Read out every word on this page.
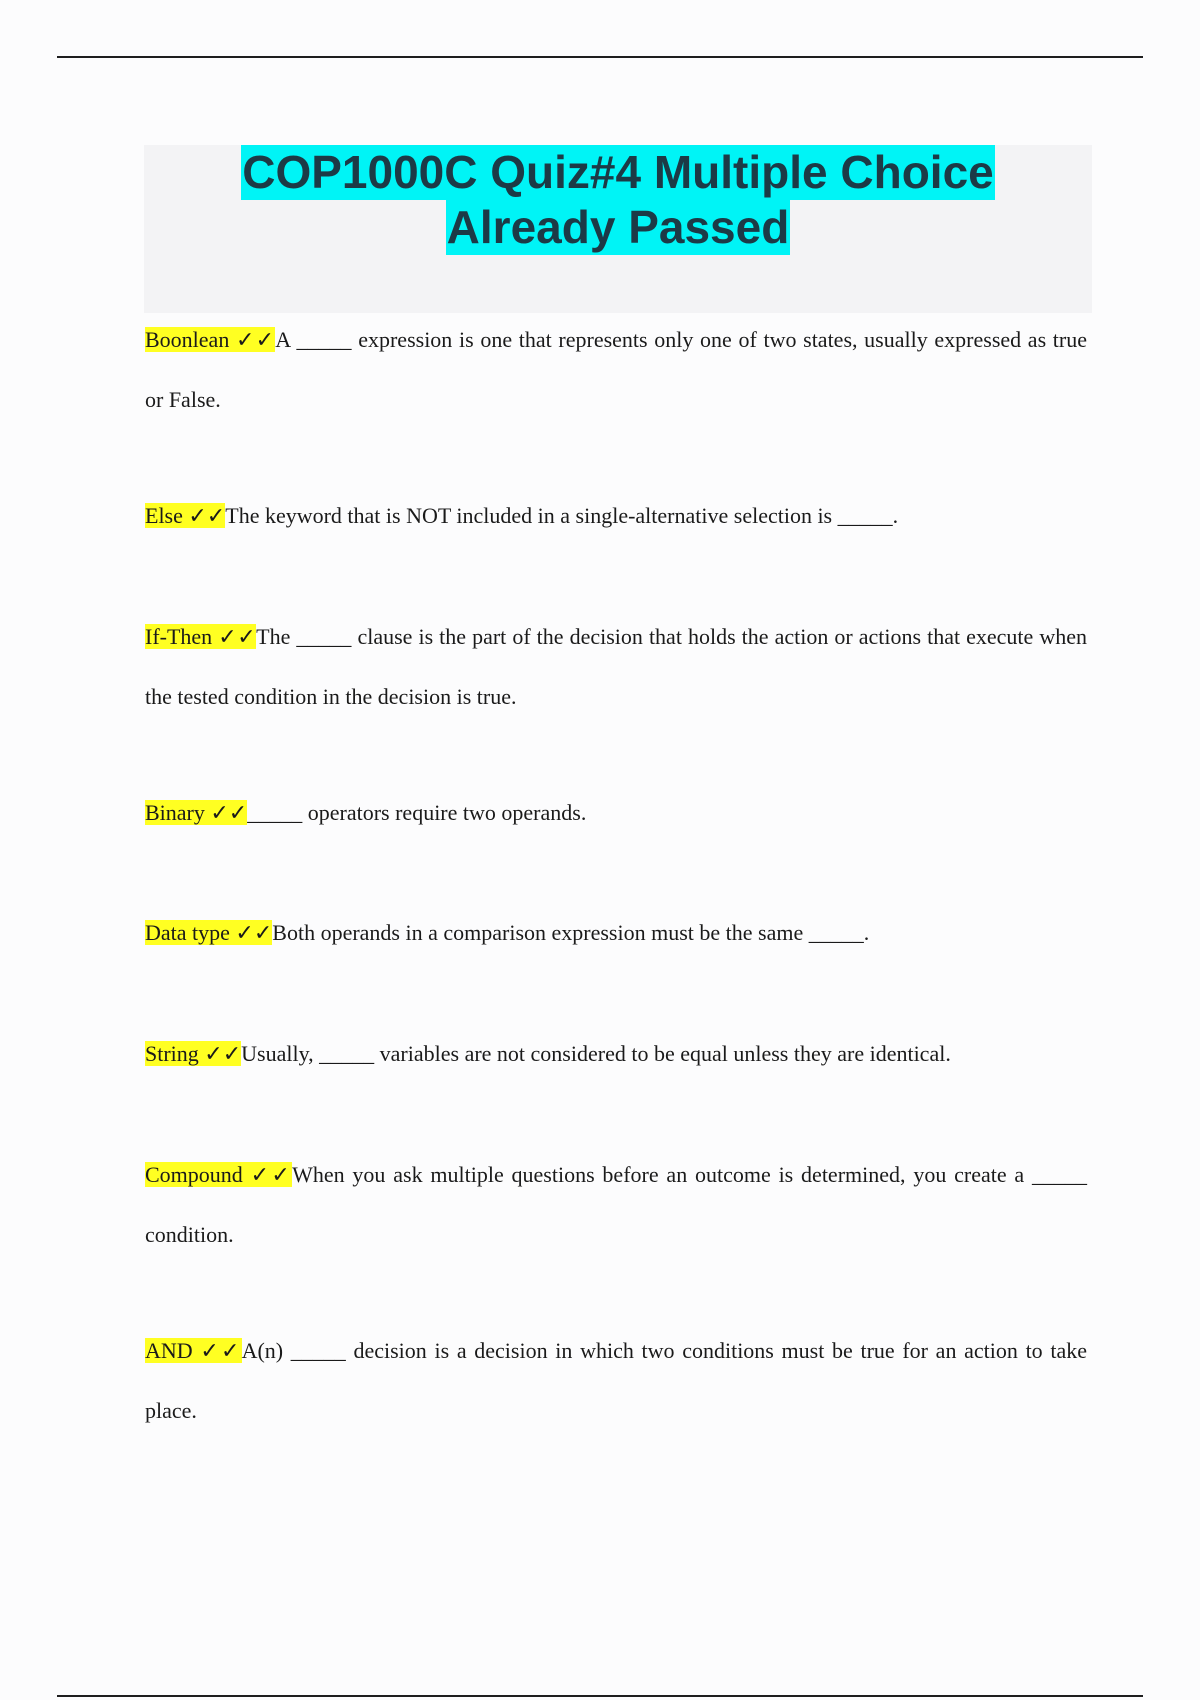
COP1000C Quiz#4 Multiple Choice
Already Passed

Boonlean ✓✓A _____ expression is one that represents only one of two states, usually expressed as true or False.

Else ✓✓The keyword that is NOT included in a single-alternative selection is _____.

If-Then ✓✓The _____ clause is the part of the decision that holds the action or actions that execute when the tested condition in the decision is true.

Binary ✓✓_____ operators require two operands.

Data type ✓✓Both operands in a comparison expression must be the same _____.

String ✓✓Usually, _____ variables are not considered to be equal unless they are identical.

Compound ✓✓When you ask multiple questions before an outcome is determined, you create a _____ condition.

AND ✓✓A(n) _____ decision is a decision in which two conditions must be true for an action to take place.
